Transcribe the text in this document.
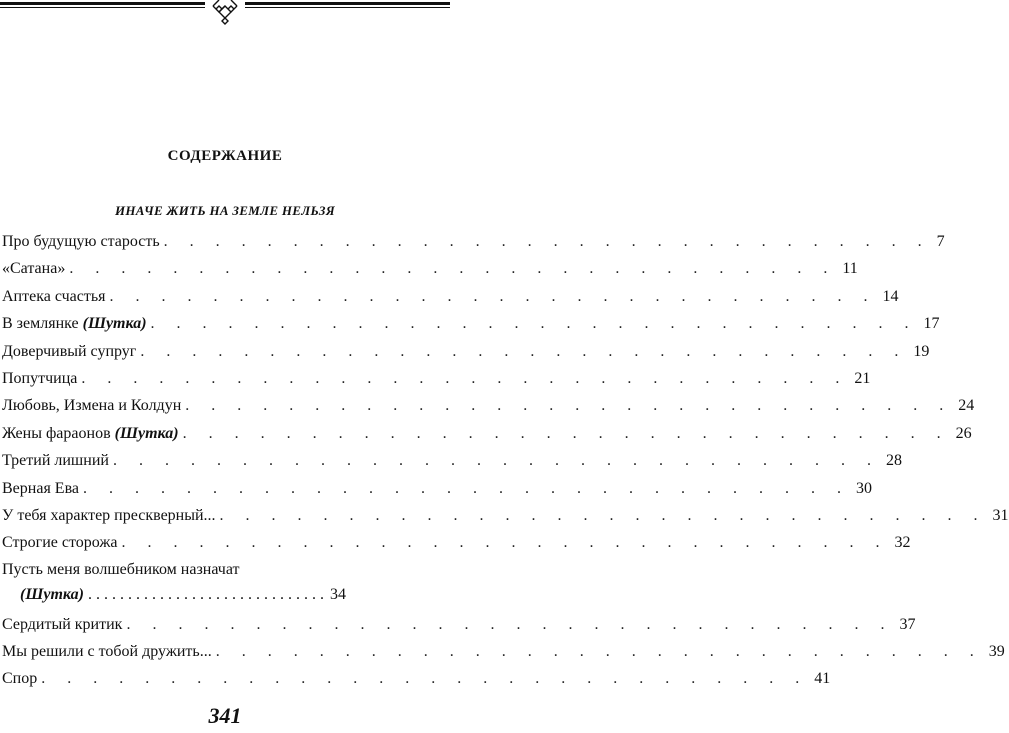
СОДЕРЖАНИЕ
ИНАЧЕ ЖИТЬ НА ЗЕМЛЕ НЕЛЬЗЯ
Про будущую старость . . . . . . . . . . . . . . . . . . . . . . . . . . . . . . 7
«Сатана» . . . . . . . . . . . . . . . . . . . . . . . . . . . . . . 11
Аптека счастья . . . . . . . . . . . . . . . . . . . . . . . . . . . . . . 14
В землянке (Шутка) . . . . . . . . . . . . . . . . . . . . . . . . . . . . . . 17
Доверчивый супруг . . . . . . . . . . . . . . . . . . . . . . . . . . . . . . 19
Попутчица . . . . . . . . . . . . . . . . . . . . . . . . . . . . . . 21
Любовь, Измена и Колдун . . . . . . . . . . . . . . . . . . . . . . . . . . . . . . 24
Жены фараонов (Шутка) . . . . . . . . . . . . . . . . . . . . . . . . . . . . . . 26
Третий лишний . . . . . . . . . . . . . . . . . . . . . . . . . . . . . . 28
Верная Ева . . . . . . . . . . . . . . . . . . . . . . . . . . . . . . 30
У тебя характер прескверный... . . . . . . . . . . . . . . . . . . . . . . . . . . . . . . 31
Строгие сторожа . . . . . . . . . . . . . . . . . . . . . . . . . . . . . . 32
Пусть меня волшебником назначат
(Шутка) . . . . . . . . . . . . . . . . . . . . . . . . . . . . . . 34
Сердитый критик . . . . . . . . . . . . . . . . . . . . . . . . . . . . . . 37
Мы решили с тобой дружить... . . . . . . . . . . . . . . . . . . . . . . . . . . . . . . 39
Спор . . . . . . . . . . . . . . . . . . . . . . . . . . . . . . 41
341
